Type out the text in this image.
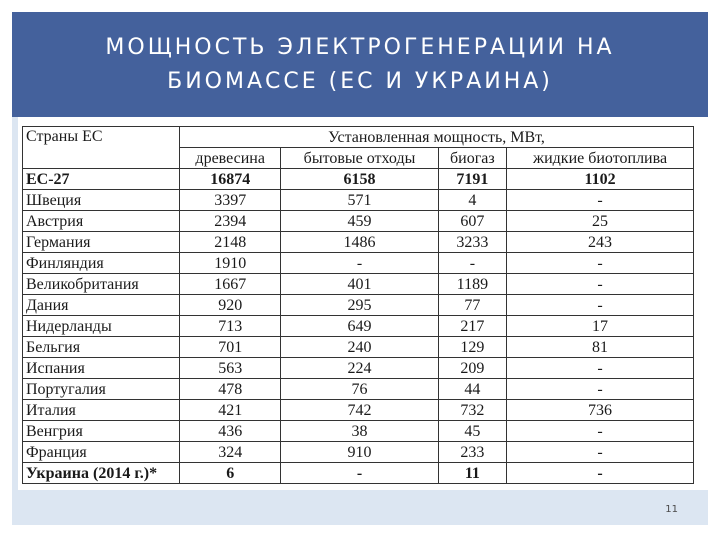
МОЩНОСТЬ ЭЛЕКТРОГЕНЕРАЦИИ НА
БИОМАССЕ (ЕС И УКРАИНА)
Страны ЕС	Установленная мощность, МВт,			
	древесина	бытовые отходы	биогаз	жидкие биотоплива
ЕС-27	16874	6158	7191	1102
Швеция	3397	571	4	-
Австрия	2394	459	607	25
Германия	2148	1486	3233	243
Финляндия	1910	-	-	-
Великобритания	1667	401	1189	-
Дания	920	295	77	-
Нидерланды	713	649	217	17
Бельгия	701	240	129	81
Испания	563	224	209	-
Португалия	478	76	44	-
Италия	421	742	732	736
Венгрия	436	38	45	-
Франция	324	910	233	-
Украина (2014 г.)*	6	-	11	-
11
